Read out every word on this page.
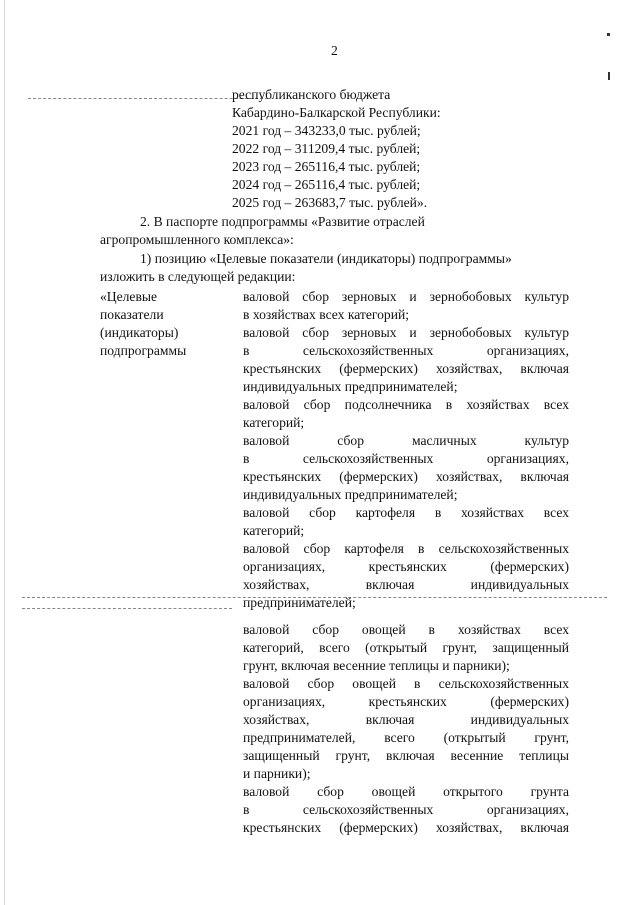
2
республиканского бюджета
Кабардино-Балкарской Республики:
2021 год – 343233,0 тыс. рублей;
2022 год – 311209,4 тыс. рублей;
2023 год – 265116,4 тыс. рублей;
2024 год – 265116,4 тыс. рублей;
2025 год – 263683,7 тыс. рублей».
2. В паспорте подпрограммы «Развитие отраслей
агропромышленного комплекса»:
1) позицию «Целевые показатели (индикаторы) подпрограммы»
изложить в следующей редакции:
«Целевые
показатели
(индикаторы)
подпрограммы
валовой сбор зерновых и зернобобовых культур
в хозяйствах всех категорий;
валовой сбор зерновых и зернобобовых культур
в сельскохозяйственных организациях,
крестьянских (фермерских) хозяйствах, включая
индивидуальных предпринимателей;
валовой сбор подсолнечника в хозяйствах всех
категорий;
валовой сбор масличных культур
в сельскохозяйственных организациях,
крестьянских (фермерских) хозяйствах, включая
индивидуальных предпринимателей;
валовой сбор картофеля в хозяйствах всех
категорий;
валовой сбор картофеля в сельскохозяйственных
организациях, крестьянских (фермерских)
хозяйствах, включая индивидуальных
предпринимателей;
валовой сбор овощей в хозяйствах всех
категорий, всего (открытый грунт, защищенный
грунт, включая весенние теплицы и парники);
валовой сбор овощей в сельскохозяйственных
организациях, крестьянских (фермерских)
хозяйствах, включая индивидуальных
предпринимателей, всего (открытый грунт,
защищенный грунт, включая весенние теплицы
и парники);
валовой сбор овощей открытого грунта
в сельскохозяйственных организациях,
крестьянских (фермерских) хозяйствах, включая
